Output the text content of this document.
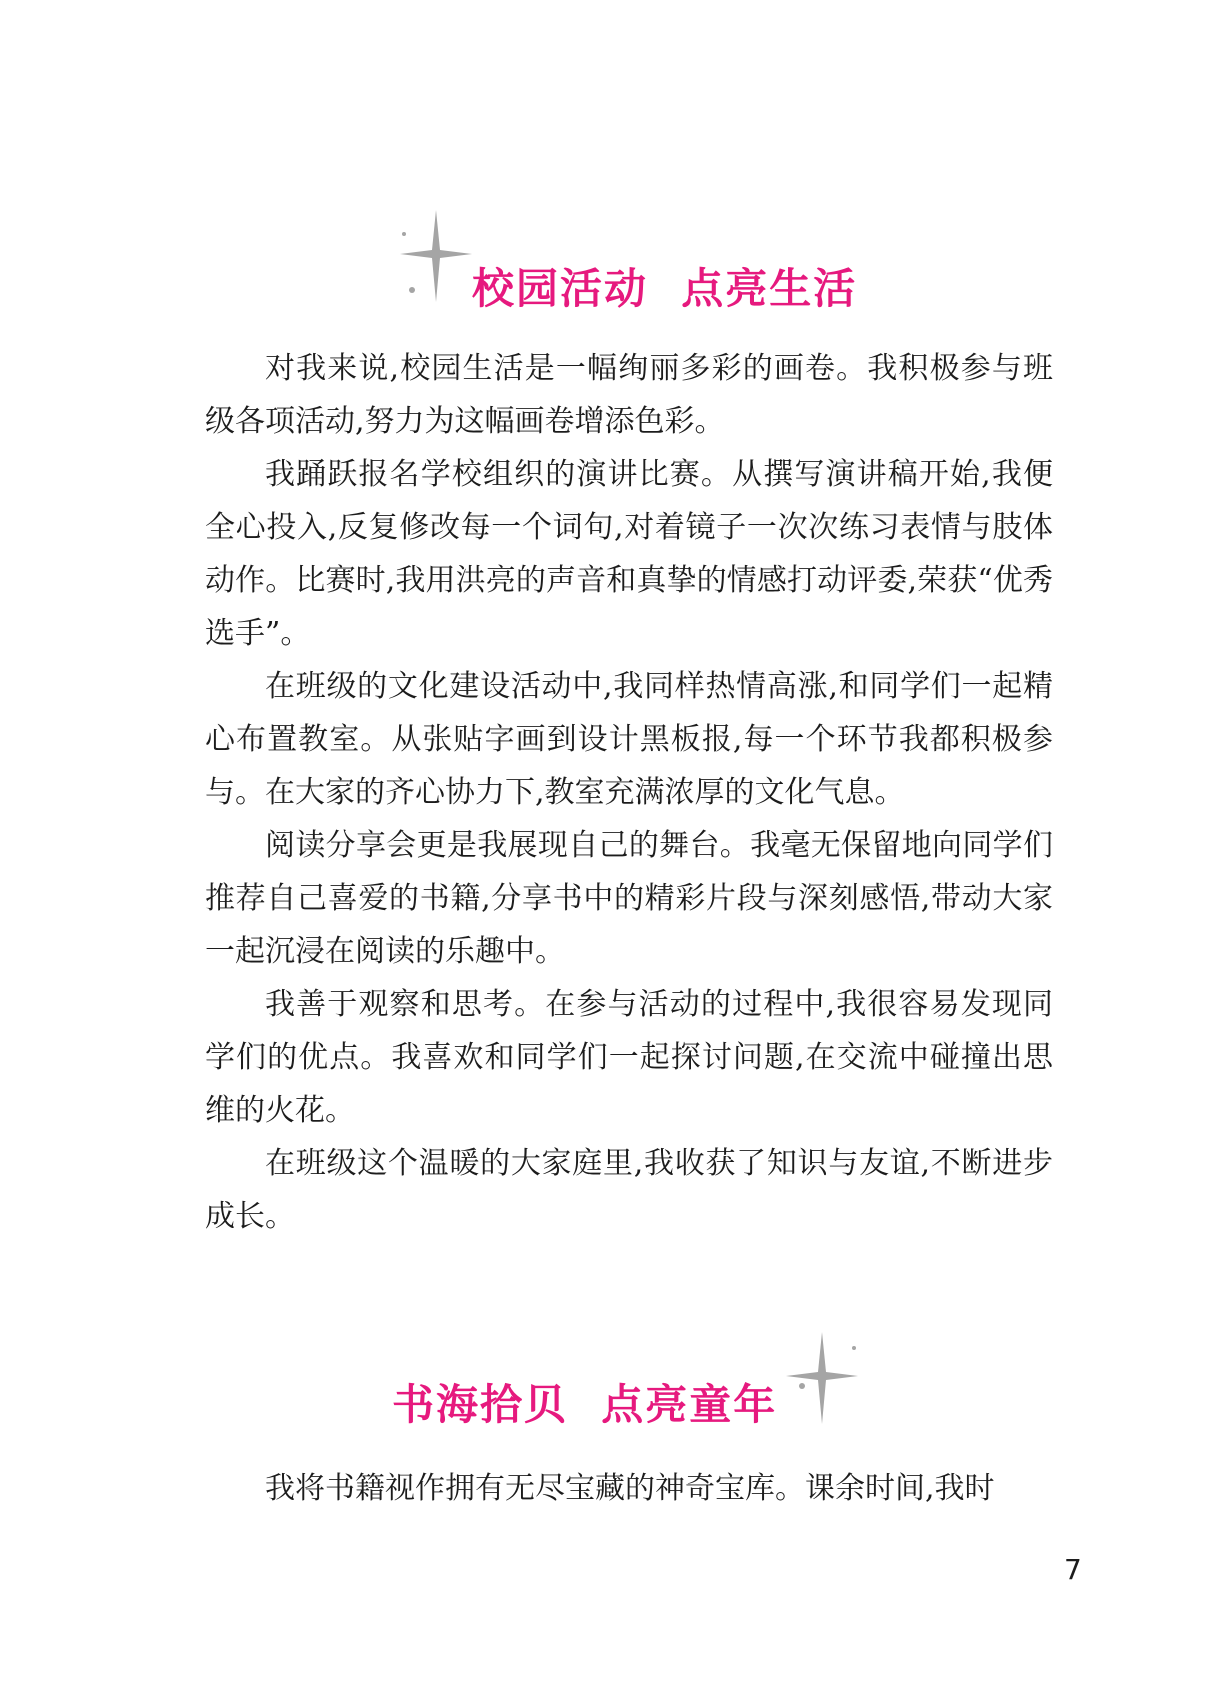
校园活动  点亮生活

对我来说,校园生活是一幅绚丽多彩的画卷。我积极参与班级各项活动,努力为这幅画卷增添色彩。

我踊跃报名学校组织的演讲比赛。从撰写演讲稿开始,我便全心投入,反复修改每一个词句,对着镜子一次次练习表情与肢体动作。比赛时,我用洪亮的声音和真挚的情感打动评委,荣获“优秀选手”。

在班级的文化建设活动中,我同样热情高涨,和同学们一起精心布置教室。从张贴字画到设计黑板报,每一个环节我都积极参与。在大家的齐心协力下,教室充满浓厚的文化气息。

阅读分享会更是我展现自己的舞台。我毫无保留地向同学们推荐自己喜爱的书籍,分享书中的精彩片段与深刻感悟,带动大家一起沉浸在阅读的乐趣中。

我善于观察和思考。在参与活动的过程中,我很容易发现同学们的优点。我喜欢和同学们一起探讨问题,在交流中碰撞出思维的火花。

在班级这个温暖的大家庭里,我收获了知识与友谊,不断进步成长。

书海拾贝  点亮童年

我将书籍视作拥有无尽宝藏的神奇宝库。课余时间,我时

7
